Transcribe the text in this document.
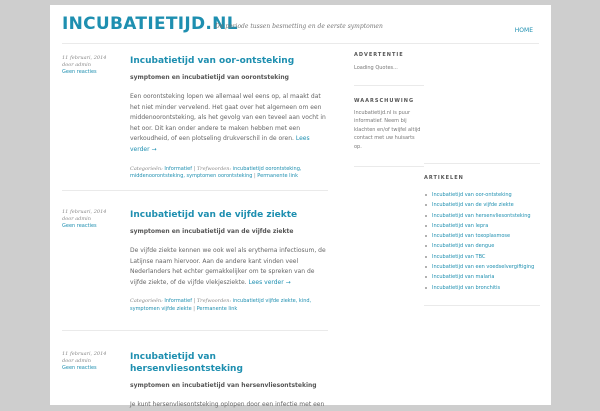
INCUBATIETIJD.NL
De periode tussen besmetting en de eerste symptomen
HOME
11 februari, 2014
door admin
Geen reacties
Incubatietijd van oor-ontsteking
symptomen en incubatietijd van oorontsteking
Een oorontsteking lopen we allemaal wel eens op, al maakt dat het niet minder vervelend. Het gaat over het algemeen om een middenoorontsteking, als het gevolg van een teveel aan vocht in het oor. Dit kan onder andere te maken hebben met een verkoudheid, of een plotseling drukverschil in de oren. Lees verder →
Categorieën: Informatief | Trefwoorden: incubatietijd oorontsteking, middenoorontsteking, symptomen oorontsteking | Permanente link
11 februari, 2014
door admin
Geen reacties
Incubatietijd van de vijfde ziekte
symptomen en incubatietijd van de vijfde ziekte
De vijfde ziekte kennen we ook wel als erythema infectiosum, de Latijnse naam hiervoor. Aan de andere kant vinden veel Nederlanders het echter gemakkelijker om te spreken van de vijfde ziekte, of de vijfde vlekjesziekte. Lees verder →
Categorieën: Informatief | Trefwoorden: incubatietijd vijfde ziekte, kind, symptomen vijfde ziekte | Permanente link
11 februari, 2014
door admin
Geen reacties
Incubatietijd van hersenvliesontsteking
symptomen en incubatietijd van hersenvliesontsteking
Je kunt hersenvliesontsteking oplopen door een infectie met een
ADVERTENTIE
Loading Quotes...
WAARSCHUWING
Incubatietijd.nl is puur informatief. Neem bij klachten en/of twijfel altijd contact met uw huisarts op.
ARTIKELEN
Incubatietijd van oor-ontsteking
Incubatietijd van de vijfde ziekte
Incubatietijd van hersenvliesontsteking
Incubatietijd van lepra
Incubatietijd van toxoplasmose
Incubatietijd van dengue
Incubatietijd van TBC
Incubatietijd van een voedselvergiftiging
Incubatietijd van malaria
Incubatietijd van bronchitis
